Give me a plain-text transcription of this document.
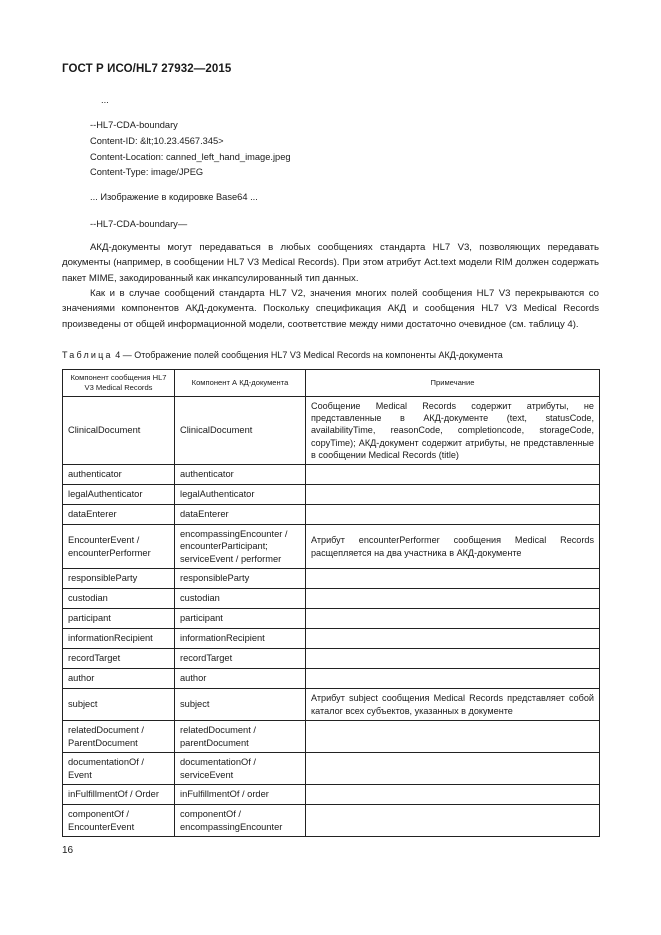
ГОСТ Р ИСО/HL7 27932—2015
...
--HL7-CDA-boundary
Content-ID: &lt;10.23.4567.345>
Content-Location: canned_left_hand_image.jpeg
Content-Type: image/JPEG
... Изображение в кодировке Base64 ...
--HL7-CDA-boundary—

АКД-документы могут передаваться в любых сообщениях стандарта HL7 V3, позволяющих передавать документы (например, в сообщении HL7 V3 Medical Records). При этом атрибут Act.text модели RIM должен содержать пакет MIME, закодированный как инкапсулированный тип данных.

Как и в случае сообщений стандарта HL7 V2, значения многих полей сообщения HL7 V3 перекрываются со значениями компонентов АКД-документа. Поскольку спецификация АКД и сообщения HL7 V3 Medical Records произведены от общей информационной модели, соответствие между ними достаточно очевидное (см. таблицу 4).

Таблица 4 — Отображение полей сообщения HL7 V3 Medical Records на компоненты АКД-документа
Компонент сообщения HL7 V3 Medical Records	Компонент А КД-документа	Примечание
ClinicalDocument	ClinicalDocument	Сообщение Medical Records содержит атрибуты, не представленные в АКД-документе (text, statusCode, availabilityTime, reasonCode, completioncode, storageCode, copyTime); АКД-документ содержит атрибуты, не представленные в сообщении Medical Records (title)
authenticator	authenticator	
legalAuthenticator	legalAuthenticator	
dataEnterer	dataEnterer	
EncounterEvent / encounterPerformer	encompassingEncounter / encounterParticipant; serviceEvent / performer	Атрибут encounterPerformer сообщения Medical Records расщепляется на два участника в АКД-документе
responsibleParty	responsibleParty	
custodian	custodian	
participant	participant	
informationRecipient	informationRecipient	
recordTarget	recordTarget	
author	author	
subject	subject	Атрибут subject сообщения Medical Records представляет собой каталог всех субъектов, указанных в документе
relatedDocument / ParentDocument	relatedDocument / parentDocument	
documentationOf / Event	documentationOf / serviceEvent	
inFulfillmentOf / Order	inFulfillmentOf / order	
componentOf / EncounterEvent	componentOf / encompassingEncounter	
16
